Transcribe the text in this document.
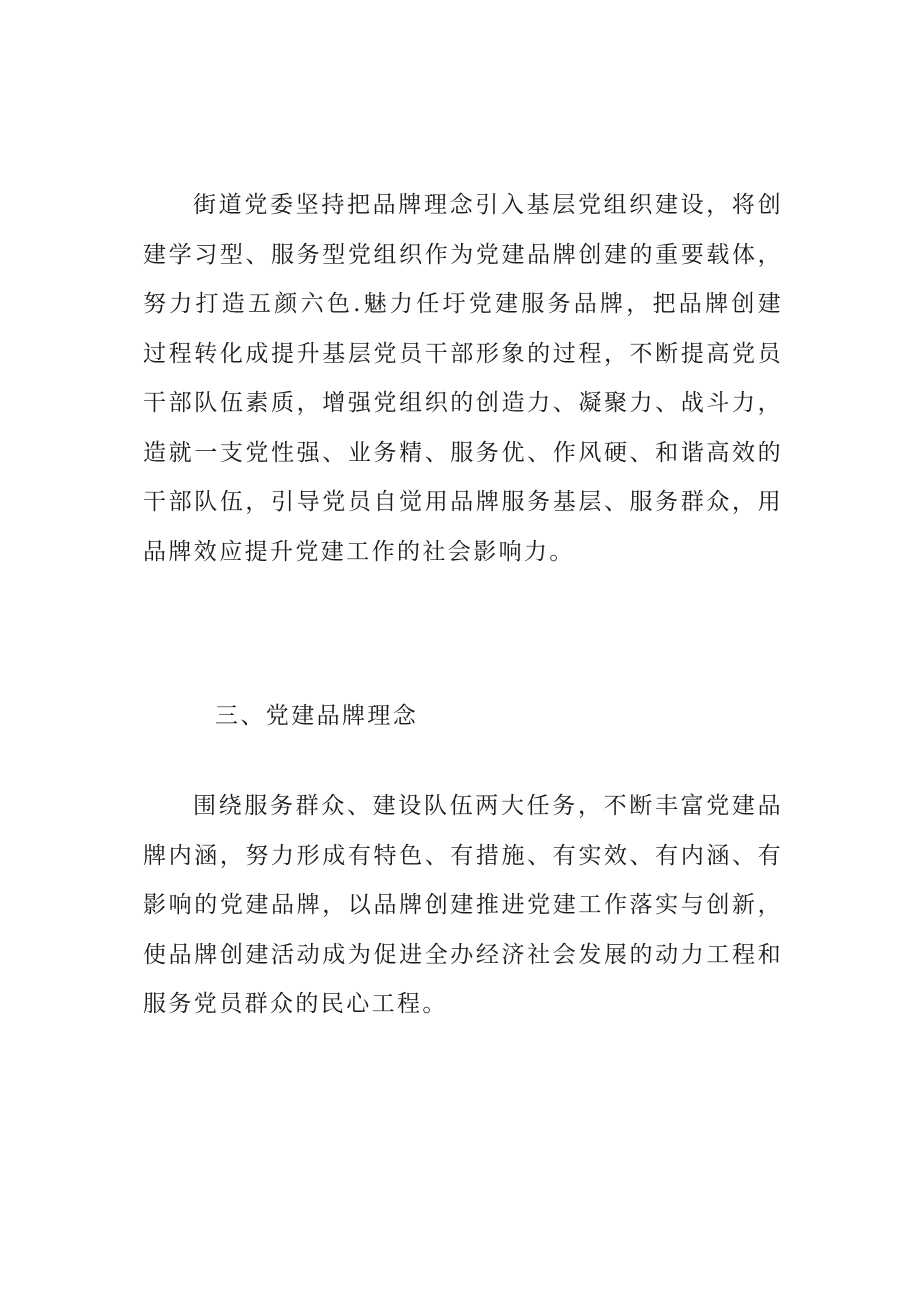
街道党委坚持把品牌理念引入基层党组织建设，将创建学习型、服务型党组织作为党建品牌创建的重要载体，努力打造五颜六色.魅力任圩党建服务品牌，把品牌创建过程转化成提升基层党员干部形象的过程，不断提高党员干部队伍素质，增强党组织的创造力、凝聚力、战斗力，造就一支党性强、业务精、服务优、作风硬、和谐高效的干部队伍，引导党员自觉用品牌服务基层、服务群众，用品牌效应提升党建工作的社会影响力。

三、党建品牌理念

围绕服务群众、建设队伍两大任务，不断丰富党建品牌内涵，努力形成有特色、有措施、有实效、有内涵、有影响的党建品牌，以品牌创建推进党建工作落实与创新，使品牌创建活动成为促进全办经济社会发展的动力工程和服务党员群众的民心工程。
